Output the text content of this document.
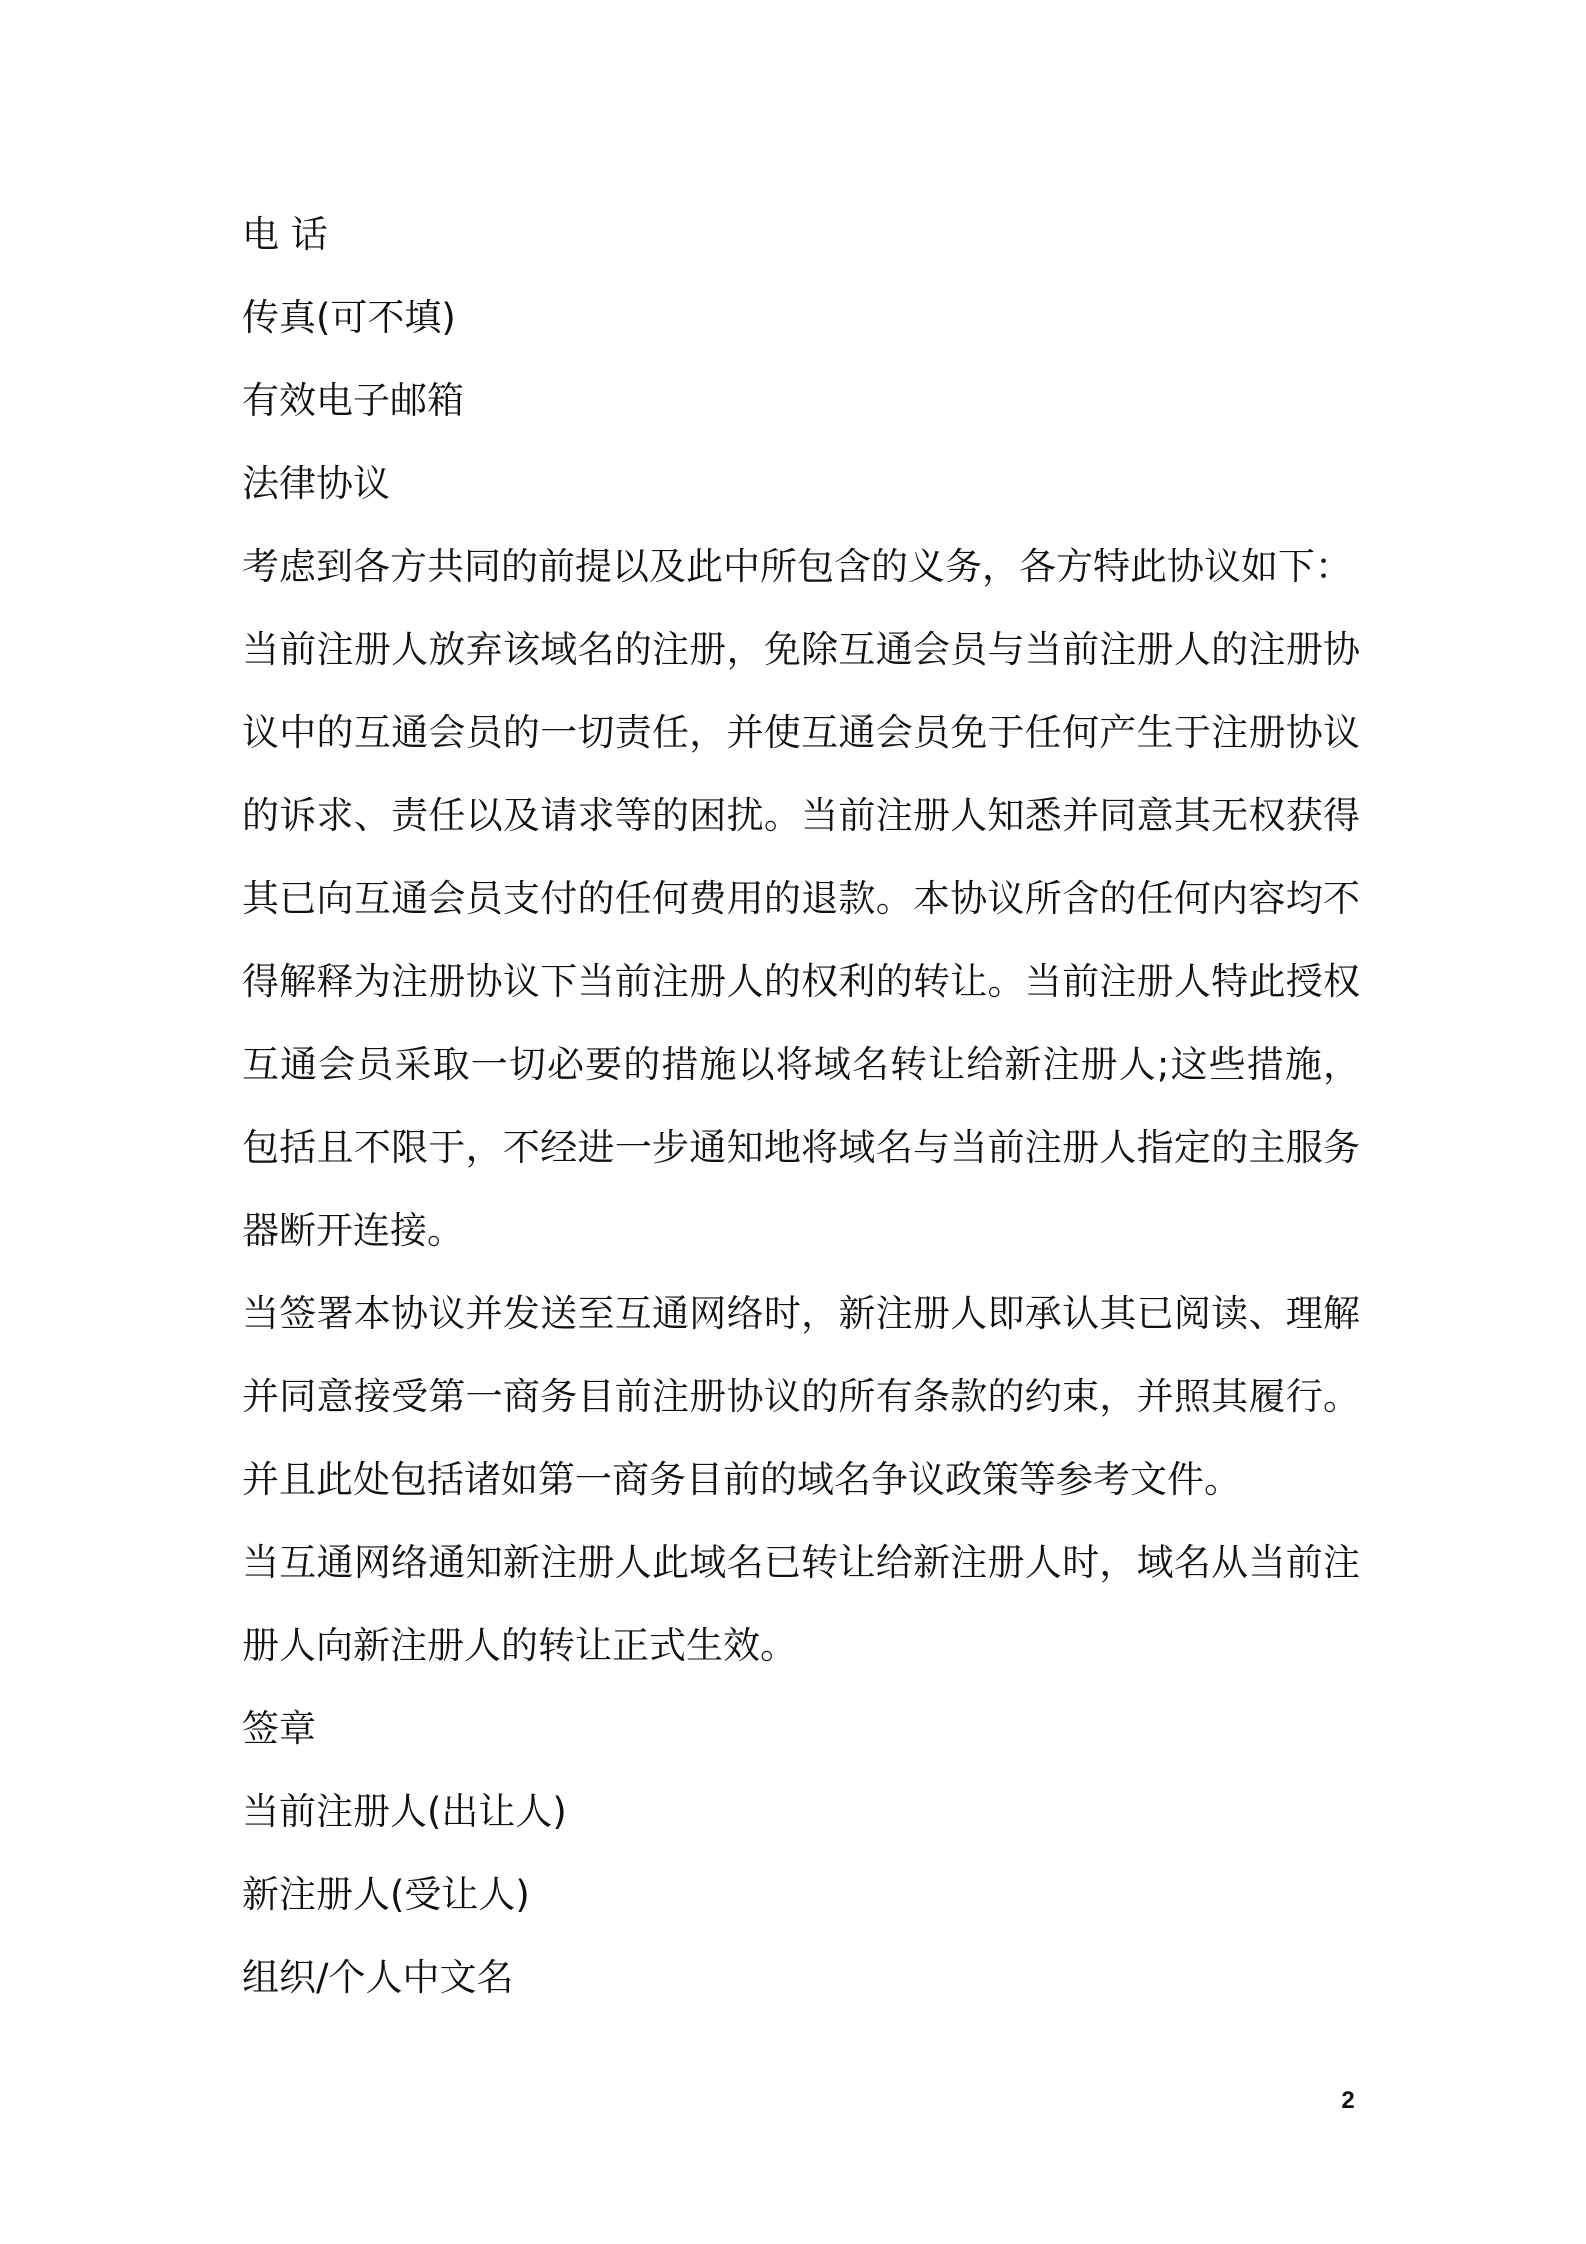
电 话
传真(可不填)
有效电子邮箱
法律协议
考虑到各方共同的前提以及此中所包含的义务，各方特此协议如下：
当前注册人放弃该域名的注册，免除互通会员与当前注册人的注册协议中的互通会员的一切责任，并使互通会员免于任何产生于注册协议的诉求、责任以及请求等的困扰。当前注册人知悉并同意其无权获得其已向互通会员支付的任何费用的退款。本协议所含的任何内容均不得解释为注册协议下当前注册人的权利的转让。当前注册人特此授权互通会员采取一切必要的措施以将域名转让给新注册人;这些措施，包括且不限于，不经进一步通知地将域名与当前注册人指定的主服务器断开连接。
当签署本协议并发送至互通网络时，新注册人即承认其已阅读、理解并同意接受第一商务目前注册协议的所有条款的约束，并照其履行。并且此处包括诸如第一商务目前的域名争议政策等参考文件。
当互通网络通知新注册人此域名已转让给新注册人时，域名从当前注册人向新注册人的转让正式生效。
签章
当前注册人(出让人)
新注册人(受让人)
组织/个人中文名
2
